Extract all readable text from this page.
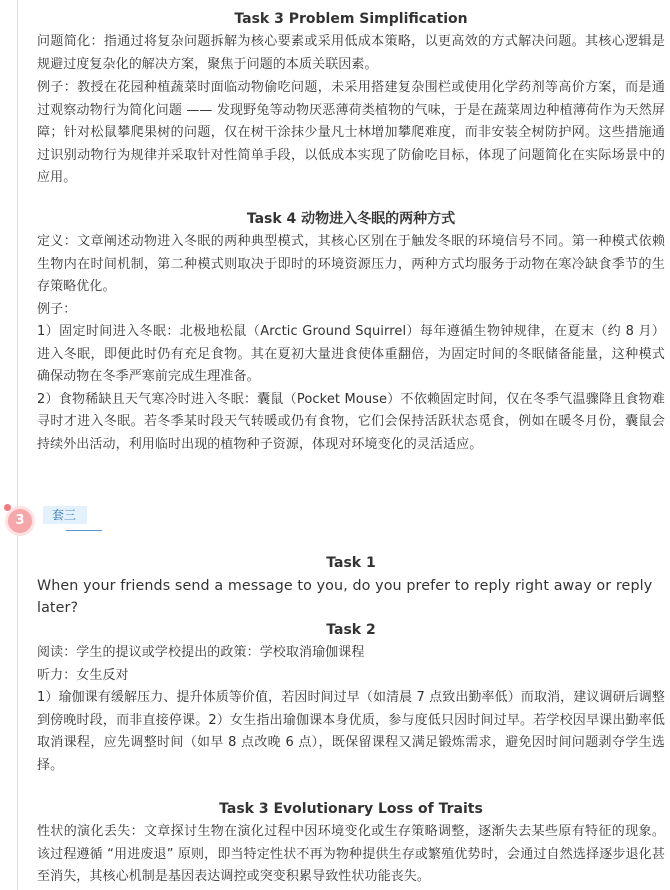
Task 3 Problem Simplification

问题简化：指通过将复杂问题拆解为核心要素或采用低成本策略，以更高效的方式解决问题。其核心逻辑是规避过度复杂化的解决方案，聚焦于问题的本质关联因素。

例子：教授在花园种植蔬菜时面临动物偷吃问题，未采用搭建复杂围栏或使用化学药剂等高价方案，而是通过观察动物行为简化问题 —— 发现野兔等动物厌恶薄荷类植物的气味，于是在蔬菜周边种植薄荷作为天然屏障；针对松鼠攀爬果树的问题，仅在树干涂抹少量凡士林增加攀爬难度，而非安装全树防护网。这些措施通过识别动物行为规律并采取针对性简单手段，以低成本实现了防偷吃目标，体现了问题简化在实际场景中的应用。

Task 4 动物进入冬眠的两种方式

定义：文章阐述动物进入冬眠的两种典型模式，其核心区别在于触发冬眠的环境信号不同。第一种模式依赖生物内在时间机制，第二种模式则取决于即时的环境资源压力，两种方式均服务于动物在寒冷缺食季节的生存策略优化。

例子：

1）固定时间进入冬眠：北极地松鼠（Arctic Ground Squirrel）每年遵循生物钟规律，在夏末（约 8 月）进入冬眠，即便此时仍有充足食物。其在夏初大量进食使体重翻倍，为固定时间的冬眠储备能量，这种模式确保动物在冬季严寒前完成生理准备。

2）食物稀缺且天气寒冷时进入冬眠：囊鼠（Pocket Mouse）不依赖固定时间，仅在冬季气温骤降且食物难寻时才进入冬眠。若冬季某时段天气转暖或仍有食物，它们会保持活跃状态觅食，例如在暖冬月份，囊鼠会持续外出活动，利用临时出现的植物种子资源，体现对环境变化的灵活适应。

Task 1

When your friends send a message to you, do you prefer to reply right away or reply later?

Task 2

阅读：学生的提议或学校提出的政策：学校取消瑜伽课程

听力：女生反对

1）瑜伽课有缓解压力、提升体质等价值，若因时间过早（如清晨 7 点致出勤率低）而取消，建议调研后调整到傍晚时段，而非直接停课。2）女生指出瑜伽课本身优质，参与度低只因时间过早。若学校因早课出勤率低取消课程，应先调整时间（如早 8 点改晚 6 点），既保留课程又满足锻炼需求，避免因时间问题剥夺学生选择。

Task 3 Evolutionary Loss of Traits

性状的演化丢失：文章探讨生物在演化过程中因环境变化或生存策略调整，逐渐失去某些原有特征的现象。该过程遵循 “用进废退” 原则，即当特定性状不再为物种提供生存或繁殖优势时，会通过自然选择逐步退化甚至消失，其核心机制是基因表达调控或突变积累导致性状功能丧失。

3	套三
